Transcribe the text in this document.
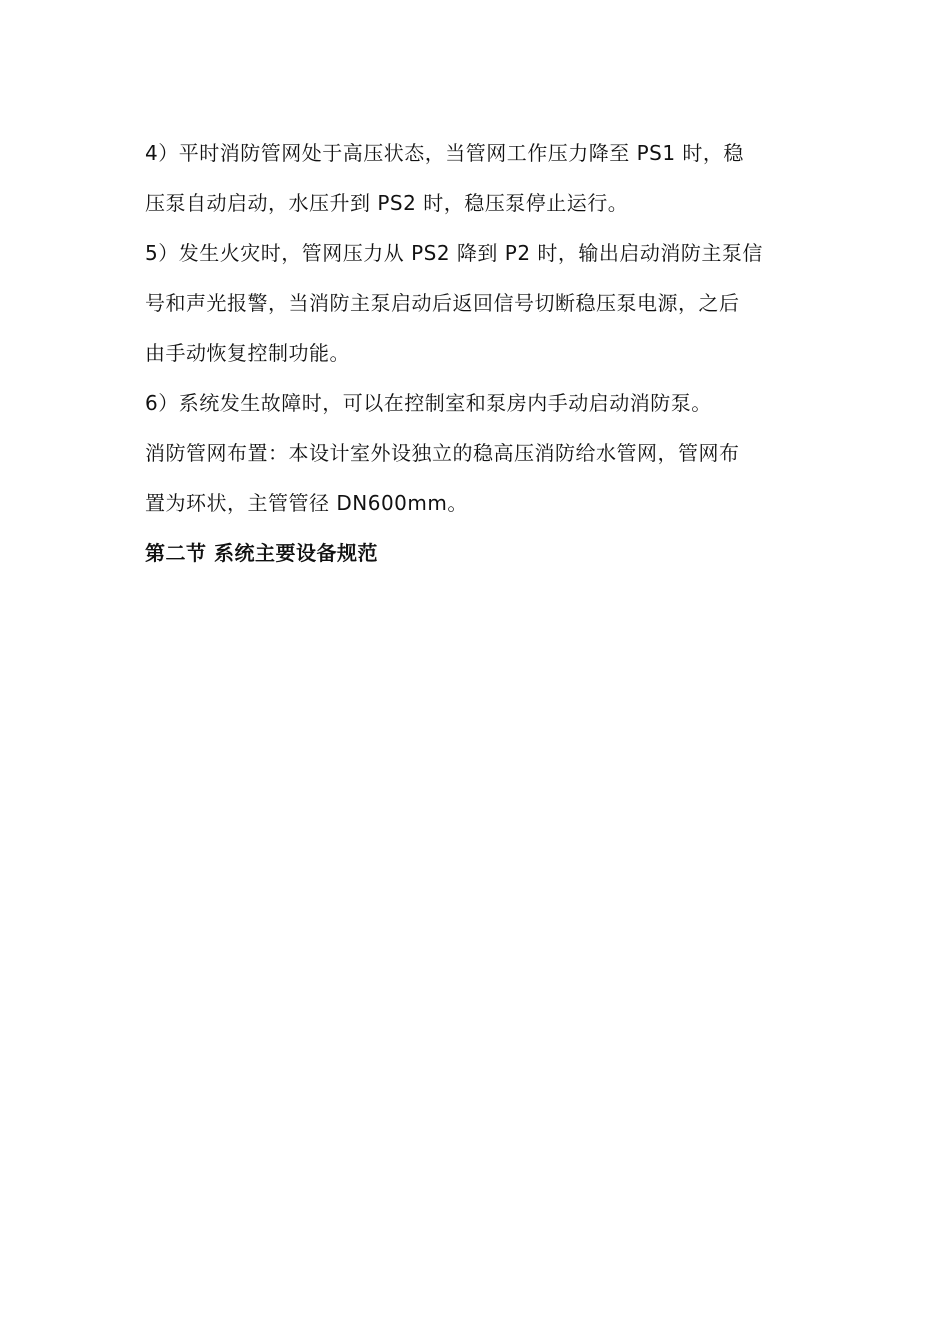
4）平时消防管网处于高压状态，当管网工作压力降至 PS1 时，稳
压泵自动启动，水压升到 PS2 时，稳压泵停止运行。
5）发生火灾时，管网压力从 PS2 降到 P2 时，输出启动消防主泵信
号和声光报警，当消防主泵启动后返回信号切断稳压泵电源，之后
由手动恢复控制功能。
6）系统发生故障时，可以在控制室和泵房内手动启动消防泵。
消防管网布置：本设计室外设独立的稳高压消防给水管网，管网布
置为环状，主管管径 DN600mm。
第二节 系统主要设备规范
